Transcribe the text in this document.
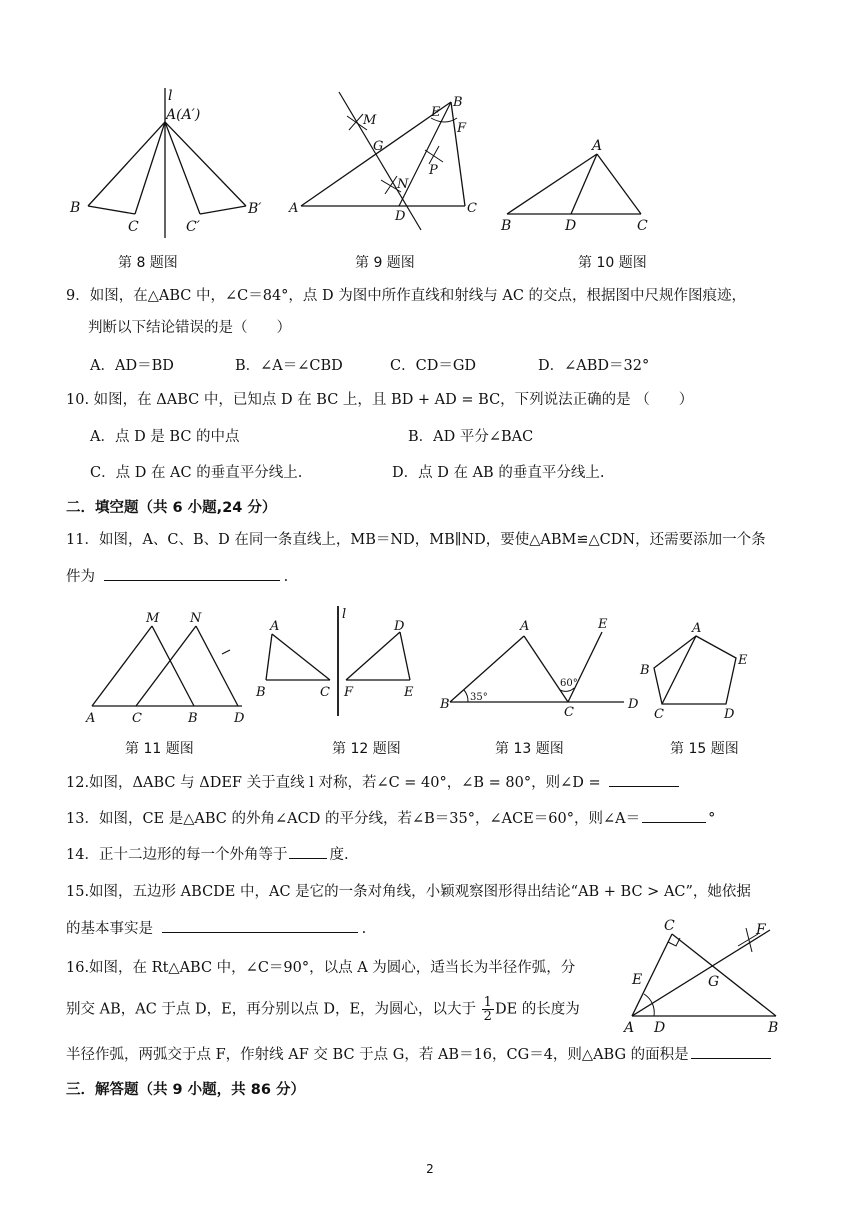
l
A(A′)
B
C	C′
B′
第 8 题图
M
G
N
P
E
B
F
A
D
C
第 9 题图
A
B	D	C
第 10 题图
9．如图，在△ABC 中，∠C＝84°，点 D 为图中所作直线和射线与 AC 的交点，根据图中尺规作图痕迹，
判断以下结论错误的是（　　）
A．AD＝BD	B．∠A＝∠CBD	C．CD＝GD	D．∠ABD＝32°
10. 如图，在 ΔABC 中，已知点 D 在 BC 上，且 BD + AD = BC，下列说法正确的是 （　　）
A．点 D 是 BC 的中点	B．AD 平分∠BAC
C．点 D 在 AC 的垂直平分线上.	D．点 D 在 AB 的垂直平分线上.
二．填空题（共 6 小题,24 分）
11．如图，A、C、B、D 在同一条直线上，MB＝ND，MB∥ND，要使△ABM≌△CDN，还需要添加一个条
件为	.
M N
A	C	B	D
第 11 题图
l
A
B	C
D
F	E
第 12 题图
A	E
B
C
D
35°
60°
第 13 题图
A
B
E
C	D
第 15 题图
12.如图，ΔABC 与 ΔDEF 关于直线 l 对称，若∠C = 40°，∠B = 80°，则∠D =
13．如图，CE 是△ABC 的外角∠ACD 的平分线，若∠B＝35°，∠ACE＝60°，则∠A＝	°
14．正十二边形的每一个外角等于	度.
15.如图，五边形 ABCDE 中，AC 是它的一条对角线，小颖观察图形得出结论“AB + BC > AC”，她依据
的基本事实是	.	C	F
E	G
A D	B
16.如图，在 Rt△ABC 中，∠C＝90°，以点 A 为圆心，适当长为半径作弧，分
别交 AB，AC 于点 D，E，再分别以点 D，E，为圆心，以大于 $\frac{1}{2}$ DE 的长度为
半径作弧，两弧交于点 F，作射线 AF 交 BC 于点 G，若 AB＝16，CG＝4，则△ABG 的面积是
三．解答题（共 9 小题，共 86 分）
2
